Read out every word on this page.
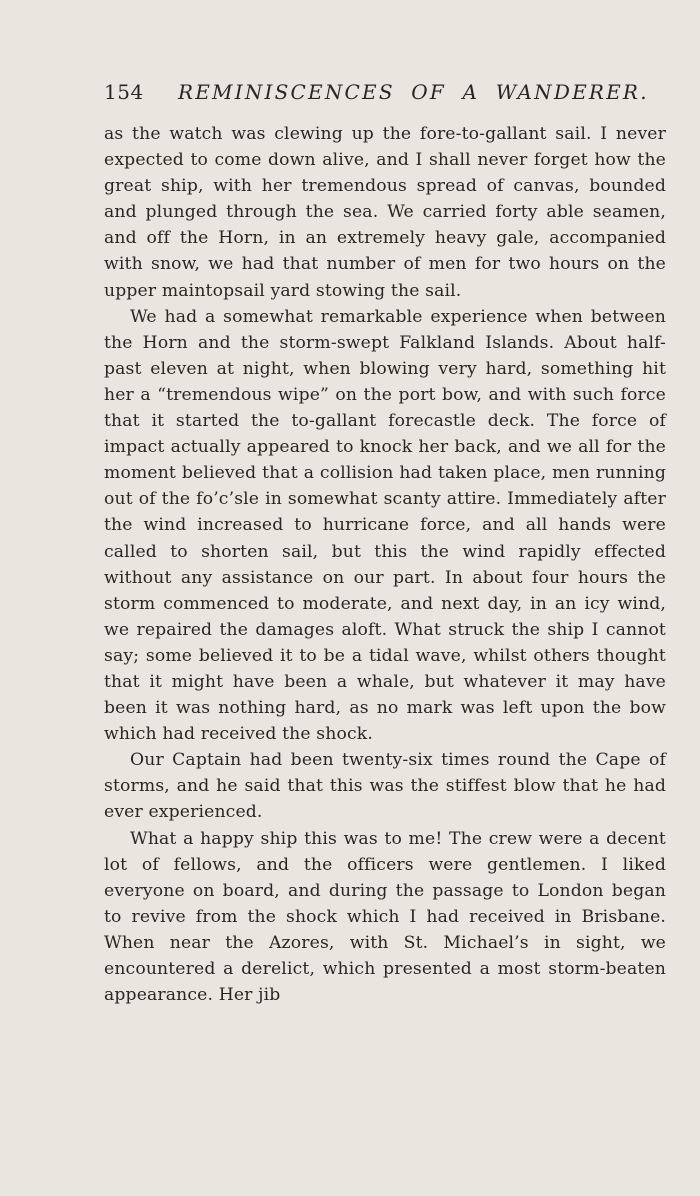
154 REMINISCENCES OF A WANDERER.

as the watch was clewing up the fore-to-gallant sail. I never expected to come down alive, and I shall never forget how the great ship, with her tremendous spread of canvas, bounded and plunged through the sea. We carried forty able seamen, and off the Horn, in an extremely heavy gale, accompanied with snow, we had that number of men for two hours on the upper maintopsail yard stowing the sail.

We had a somewhat remarkable experience when between the Horn and the storm-swept Falkland Islands. About half-past eleven at night, when blowing very hard, something hit her a “tremendous wipe” on the port bow, and with such force that it started the to-gallant forecastle deck. The force of impact actually appeared to knock her back, and we all for the moment believed that a collision had taken place, men running out of the fo’c’sle in somewhat scanty attire. Immediately after the wind increased to hurricane force, and all hands were called to shorten sail, but this the wind rapidly effected without any assistance on our part. In about four hours the storm commenced to moderate, and next day, in an icy wind, we repaired the damages aloft. What struck the ship I cannot say; some believed it to be a tidal wave, whilst others thought that it might have been a whale, but whatever it may have been it was nothing hard, as no mark was left upon the bow which had received the shock.

Our Captain had been twenty-six times round the Cape of storms, and he said that this was the stiffest blow that he had ever experienced.

What a happy ship this was to me! The crew were a decent lot of fellows, and the officers were gentlemen. I liked everyone on board, and during the passage to London began to revive from the shock which I had received in Brisbane. When near the Azores, with St. Michael’s in sight, we encountered a derelict, which presented a most storm-beaten appearance. Her jib
